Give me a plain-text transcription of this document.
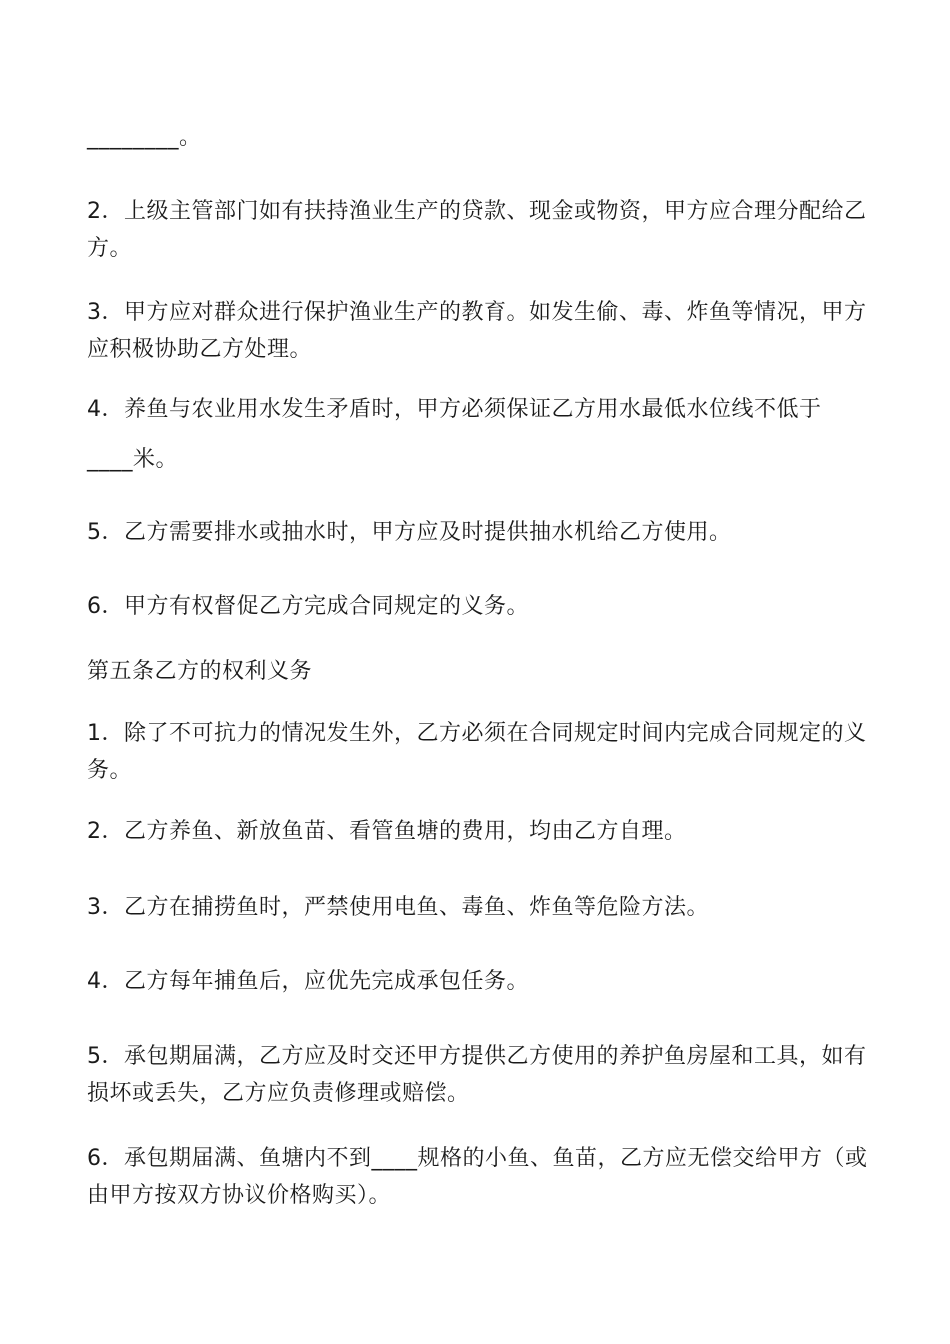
________。

2．上级主管部门如有扶持渔业生产的贷款、现金或物资，甲方应合理分配给乙方。

3．甲方应对群众进行保护渔业生产的教育。如发生偷、毒、炸鱼等情况，甲方应积极协助乙方处理。

4．养鱼与农业用水发生矛盾时，甲方必须保证乙方用水最低水位线不低于

____米。

5．乙方需要排水或抽水时，甲方应及时提供抽水机给乙方使用。

6．甲方有权督促乙方完成合同规定的义务。

第五条乙方的权利义务

1．除了不可抗力的情况发生外，乙方必须在合同规定时间内完成合同规定的义务。

2．乙方养鱼、新放鱼苗、看管鱼塘的费用，均由乙方自理。

3．乙方在捕捞鱼时，严禁使用电鱼、毒鱼、炸鱼等危险方法。

4．乙方每年捕鱼后，应优先完成承包任务。

5．承包期届满，乙方应及时交还甲方提供乙方使用的养护鱼房屋和工具，如有损坏或丢失，乙方应负责修理或赔偿。

6．承包期届满、鱼塘内不到____规格的小鱼、鱼苗，乙方应无偿交给甲方（或由甲方按双方协议价格购买）。
